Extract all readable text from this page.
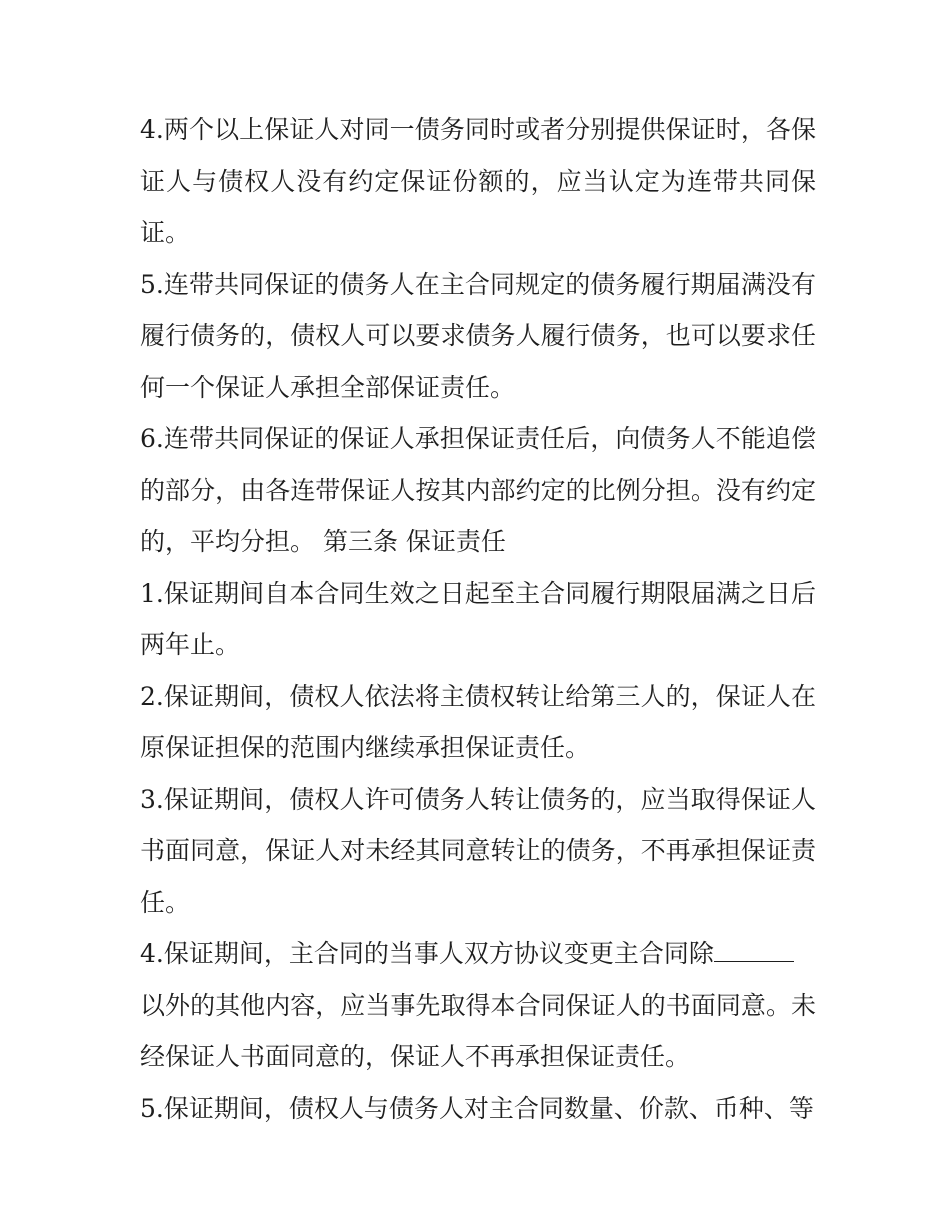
4.两个以上保证人对同一债务同时或者分别提供保证时，各保证人与债权人没有约定保证份额的，应当认定为连带共同保证。

5.连带共同保证的债务人在主合同规定的债务履行期届满没有履行债务的，债权人可以要求债务人履行债务，也可以要求任何一个保证人承担全部保证责任。

6.连带共同保证的保证人承担保证责任后，向债务人不能追偿的部分，由各连带保证人按其内部约定的比例分担。没有约定的，平均分担。 第三条 保证责任

1.保证期间自本合同生效之日起至主合同履行期限届满之日后两年止。

2.保证期间，债权人依法将主债权转让给第三人的，保证人在原保证担保的范围内继续承担保证责任。

3.保证期间，债权人许可债务人转让债务的，应当取得保证人书面同意，保证人对未经其同意转让的债务，不再承担保证责任。

4.保证期间，主合同的当事人双方协议变更主合同除

以外的其他内容，应当事先取得本合同保证人的书面同意。未经保证人书面同意的，保证人不再承担保证责任。

5.保证期间，债权人与债务人对主合同数量、价款、币种、等
